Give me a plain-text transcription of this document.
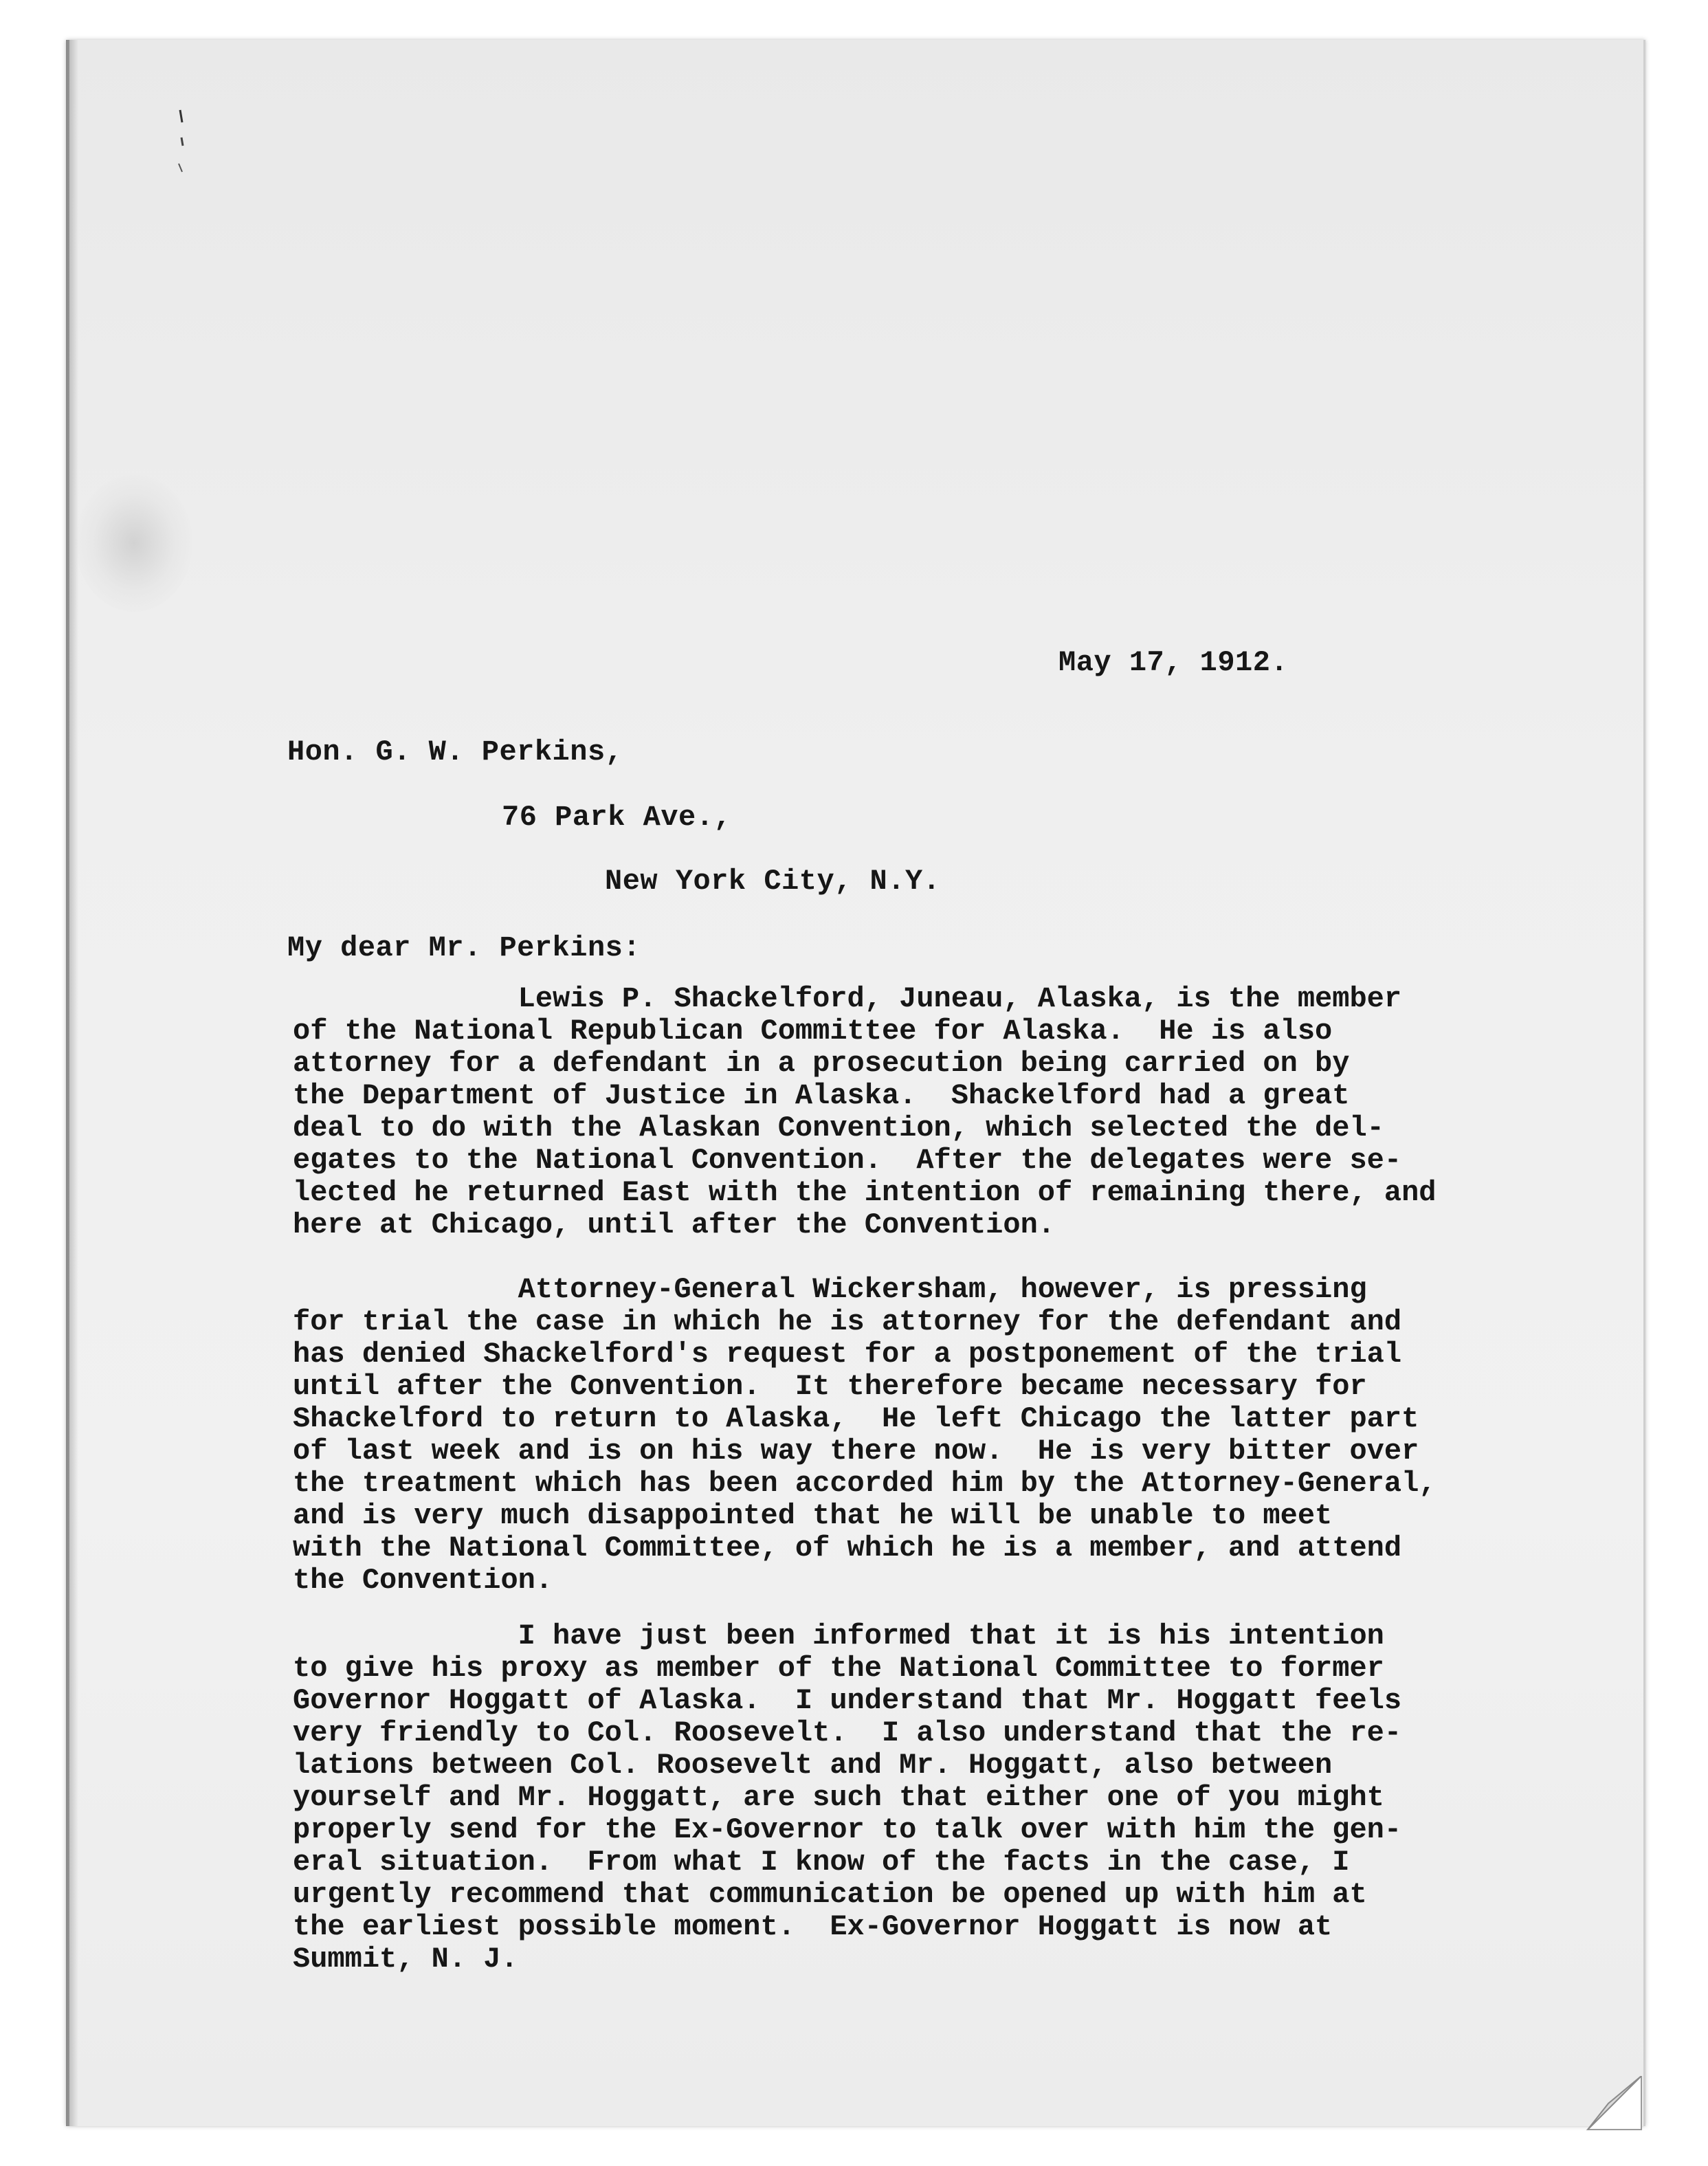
May 17, 1912.
Hon. G. W. Perkins,
76 Park Ave.,
New York City, N.Y.
My dear Mr. Perkins:
Lewis P. Shackelford, Juneau, Alaska, is the member
of the National Republican Committee for Alaska.  He is also
attorney for a defendant in a prosecution being carried on by
the Department of Justice in Alaska.  Shackelford had a great
deal to do with the Alaskan Convention, which selected the del-
egates to the National Convention.  After the delegates were se-
lected he returned East with the intention of remaining there, and
here at Chicago, until after the Convention.
Attorney-General Wickersham, however, is pressing
for trial the case in which he is attorney for the defendant and
has denied Shackelford's request for a postponement of the trial
until after the Convention.  It therefore became necessary for
Shackelford to return to Alaska,  He left Chicago the latter part
of last week and is on his way there now.  He is very bitter over
the treatment which has been accorded him by the Attorney-General,
and is very much disappointed that he will be unable to meet
with the National Committee, of which he is a member, and attend
the Convention.
I have just been informed that it is his intention
to give his proxy as member of the National Committee to former
Governor Hoggatt of Alaska.  I understand that Mr. Hoggatt feels
very friendly to Col. Roosevelt.  I also understand that the re-
lations between Col. Roosevelt and Mr. Hoggatt, also between
yourself and Mr. Hoggatt, are such that either one of you might
properly send for the Ex-Governor to talk over with him the gen-
eral situation.  From what I know of the facts in the case, I
urgently recommend that communication be opened up with him at
the earliest possible moment.  Ex-Governor Hoggatt is now at
Summit, N. J.
